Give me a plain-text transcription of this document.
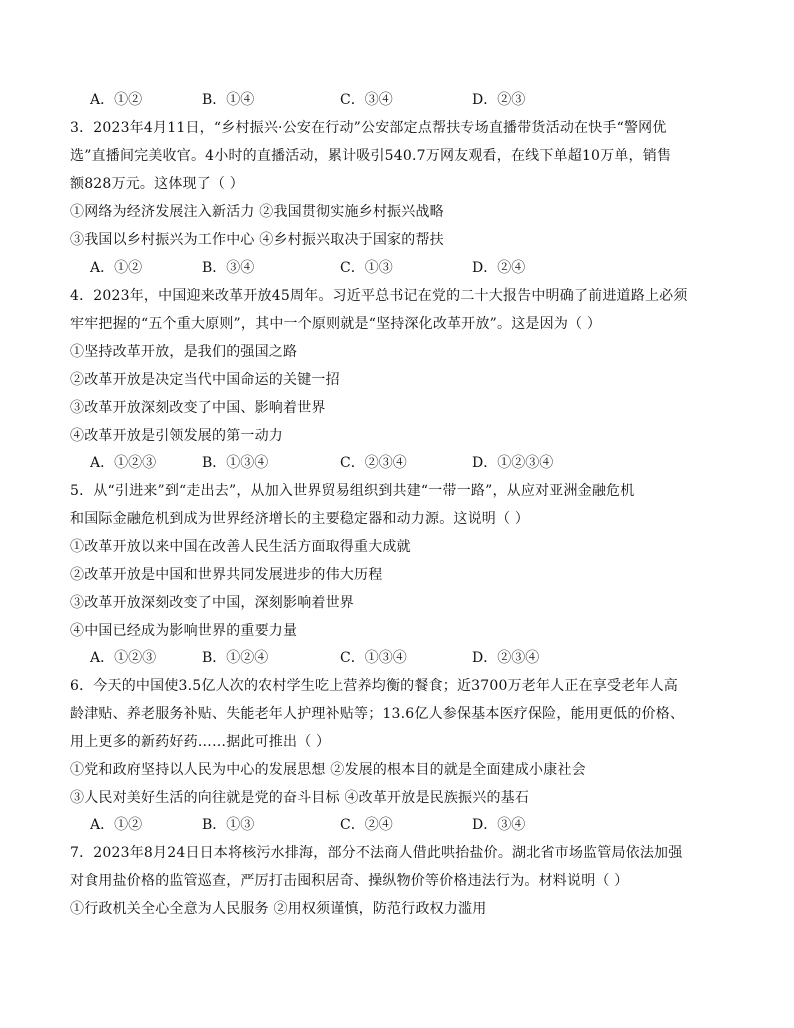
A．①②	B．①④	C．③④	D．②③
3．2023年4月11日，“乡村振兴·公安在行动”公安部定点帮扶专场直播带货活动在快手“警网优
选”直播间完美收官。4小时的直播活动，累计吸引540.7万网友观看，在线下单超10万单，销售
额828万元。这体现了（ ）
①网络为经济发展注入新活力 ②我国贯彻实施乡村振兴战略
③我国以乡村振兴为工作中心 ④乡村振兴取决于国家的帮扶
A．①②	B．③④	C．①③	D．②④
4．2023年，中国迎来改革开放45周年。习近平总书记在党的二十大报告中明确了前进道路上必须
牢牢把握的“五个重大原则”，其中一个原则就是“坚持深化改革开放”。这是因为（ ）
①坚持改革开放，是我们的强国之路
②改革开放是决定当代中国命运的关键一招
③改革开放深刻改变了中国、影响着世界
④改革开放是引领发展的第一动力
A．①②③	B．①③④	C．②③④	D．①②③④
5．从“引进来”到“走出去”，从加入世界贸易组织到共建“一带一路”，从应对亚洲金融危机
和国际金融危机到成为世界经济增长的主要稳定器和动力源。这说明（ ）
①改革开放以来中国在改善人民生活方面取得重大成就
②改革开放是中国和世界共同发展进步的伟大历程
③改革开放深刻改变了中国，深刻影响着世界
④中国已经成为影响世界的重要力量
A．①②③	B．①②④	C．①③④	D．②③④
6．今天的中国使3.5亿人次的农村学生吃上营养均衡的餐食；近3700万老年人正在享受老年人高
龄津贴、养老服务补贴、失能老年人护理补贴等；13.6亿人参保基本医疗保险，能用更低的价格、
用上更多的新药好药……据此可推出（ ）
①党和政府坚持以人民为中心的发展思想 ②发展的根本目的就是全面建成小康社会
③人民对美好生活的向往就是党的奋斗目标 ④改革开放是民族振兴的基石
A．①②	B．①③	C．②④	D．③④
7．2023年8月24日日本将核污水排海，部分不法商人借此哄抬盐价。湖北省市场监管局依法加强
对食用盐价格的监管巡查，严厉打击囤积居奇、操纵物价等价格违法行为。材料说明（ ）
①行政机关全心全意为人民服务 ②用权须谨慎，防范行政权力滥用
